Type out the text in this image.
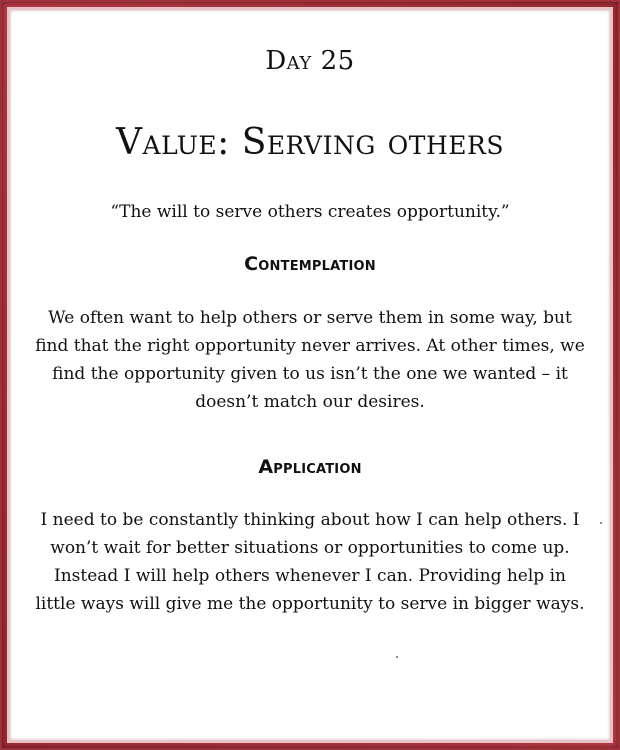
Day 25
Value: Serving others
“The will to serve others creates opportunity.”
Contemplation
We often want to help others or serve them in some way, but
find that the right opportunity never arrives. At other times, we
find the opportunity given to us isn’t the one we wanted – it
doesn’t match our desires.
Application
I need to be constantly thinking about how I can help others. I
won’t wait for better situations or opportunities to come up.
Instead I will help others whenever I can. Providing help in
little ways will give me the opportunity to serve in bigger ways.
